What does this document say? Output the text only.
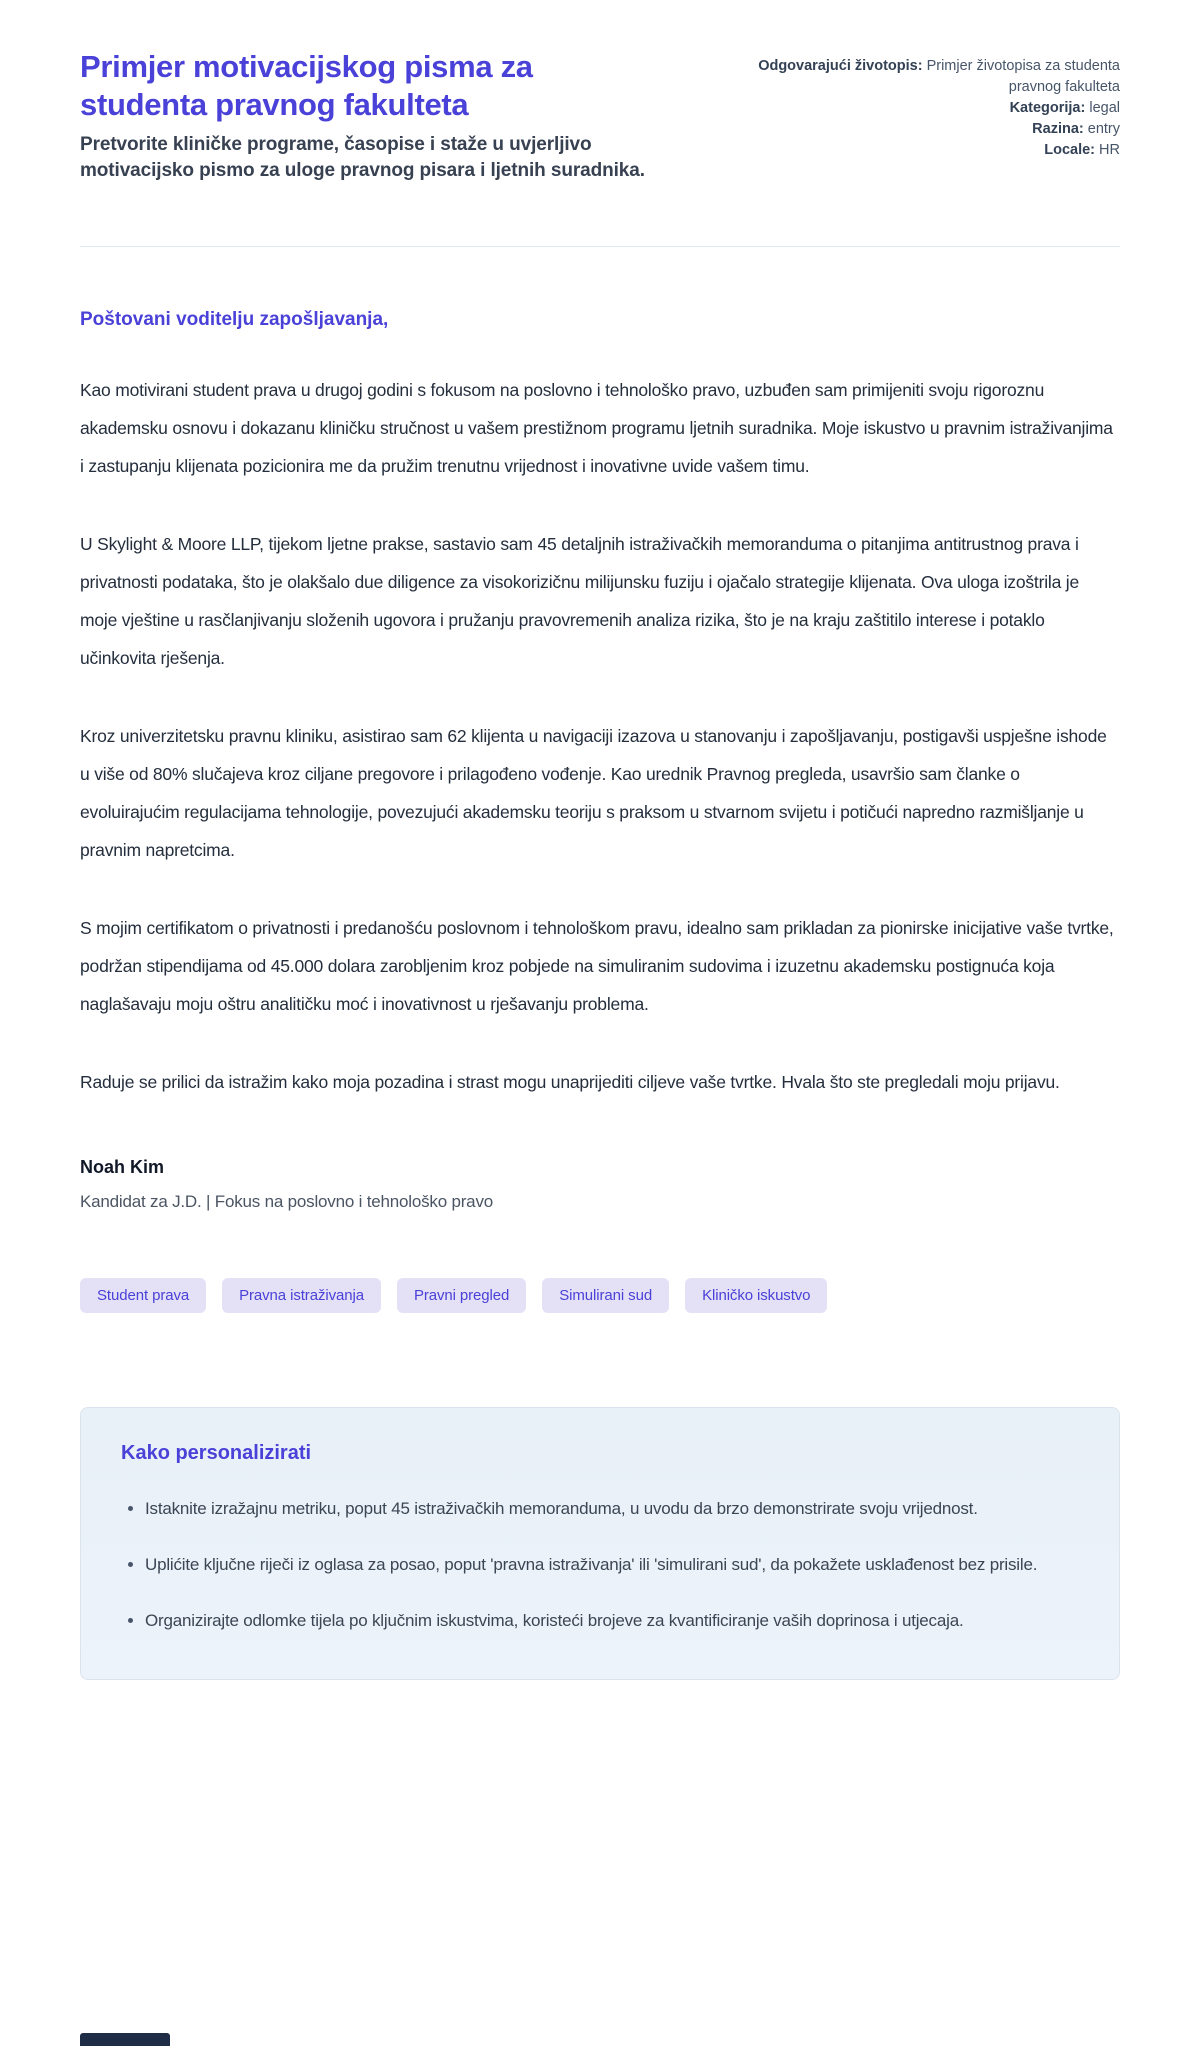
Primjer motivacijskog pisma za studenta pravnog fakulteta
Pretvorite kliničke programe, časopise i staže u uvjerljivo motivacijsko pismo za uloge pravnog pisara i ljetnih suradnika.
Odgovarajući životopis: Primjer životopisa za studenta pravnog fakulteta
Kategorija: legal
Razina: entry
Locale: HR
Poštovani voditelju zapošljavanja,

Kao motivirani student prava u drugoj godini s fokusom na poslovno i tehnološko pravo, uzbuđen sam primijeniti svoju rigoroznu akademsku osnovu i dokazanu kliničku stručnost u vašem prestižnom programu ljetnih suradnika. Moje iskustvo u pravnim istraživanjima i zastupanju klijenata pozicionira me da pružim trenutnu vrijednost i inovativne uvide vašem timu.

U Skylight & Moore LLP, tijekom ljetne prakse, sastavio sam 45 detaljnih istraživačkih memoranduma o pitanjima antitrustnog prava i privatnosti podataka, što je olakšalo due diligence za visokorizičnu milijunsku fuziju i ojačalo strategije klijenata. Ova uloga izoštrila je moje vještine u rasčlanjivanju složenih ugovora i pružanju pravovremenih analiza rizika, što je na kraju zaštitilo interese i potaklo učinkovita rješenja.

Kroz univerzitetsku pravnu kliniku, asistirao sam 62 klijenta u navigaciji izazova u stanovanju i zapošljavanju, postigavši uspješne ishode u više od 80% slučajeva kroz ciljane pregovore i prilagođeno vođenje. Kao urednik Pravnog pregleda, usavršio sam članke o evoluirajućim regulacijama tehnologije, povezujući akademsku teoriju s praksom u stvarnom svijetu i potičući napredno razmišljanje u pravnim napretcima.

S mojim certifikatom o privatnosti i predanošću poslovnom i tehnološkom pravu, idealno sam prikladan za pionirske inicijative vaše tvrtke, podržan stipendijama od 45.000 dolara zarobljenim kroz pobjede na simuliranim sudovima i izuzetnu akademsku postignuća koja naglašavaju moju oštru analitičku moć i inovativnost u rješavanju problema.

Raduje se prilici da istražim kako moja pozadina i strast mogu unaprijediti ciljeve vaše tvrtke. Hvala što ste pregledali moju prijavu.

Noah Kim
Kandidat za J.D. | Fokus na poslovno i tehnološko pravo
Student prava	Pravna istraživanja	Pravni pregled	Simulirani sud	Kliničko iskustvo
Kako personalizirati
• Istaknite izražajnu metriku, poput 45 istraživačkih memoranduma, u uvodu da brzo demonstrirate svoju vrijednost.
• Uplićite ključne riječi iz oglasa za posao, poput 'pravna istraživanja' ili 'simulirani sud', da pokažete usklađenost bez prisile.
• Organizirajte odlomke tijela po ključnim iskustvima, koristeći brojeve za kvantificiranje vaših doprinosa i utjecaja.
